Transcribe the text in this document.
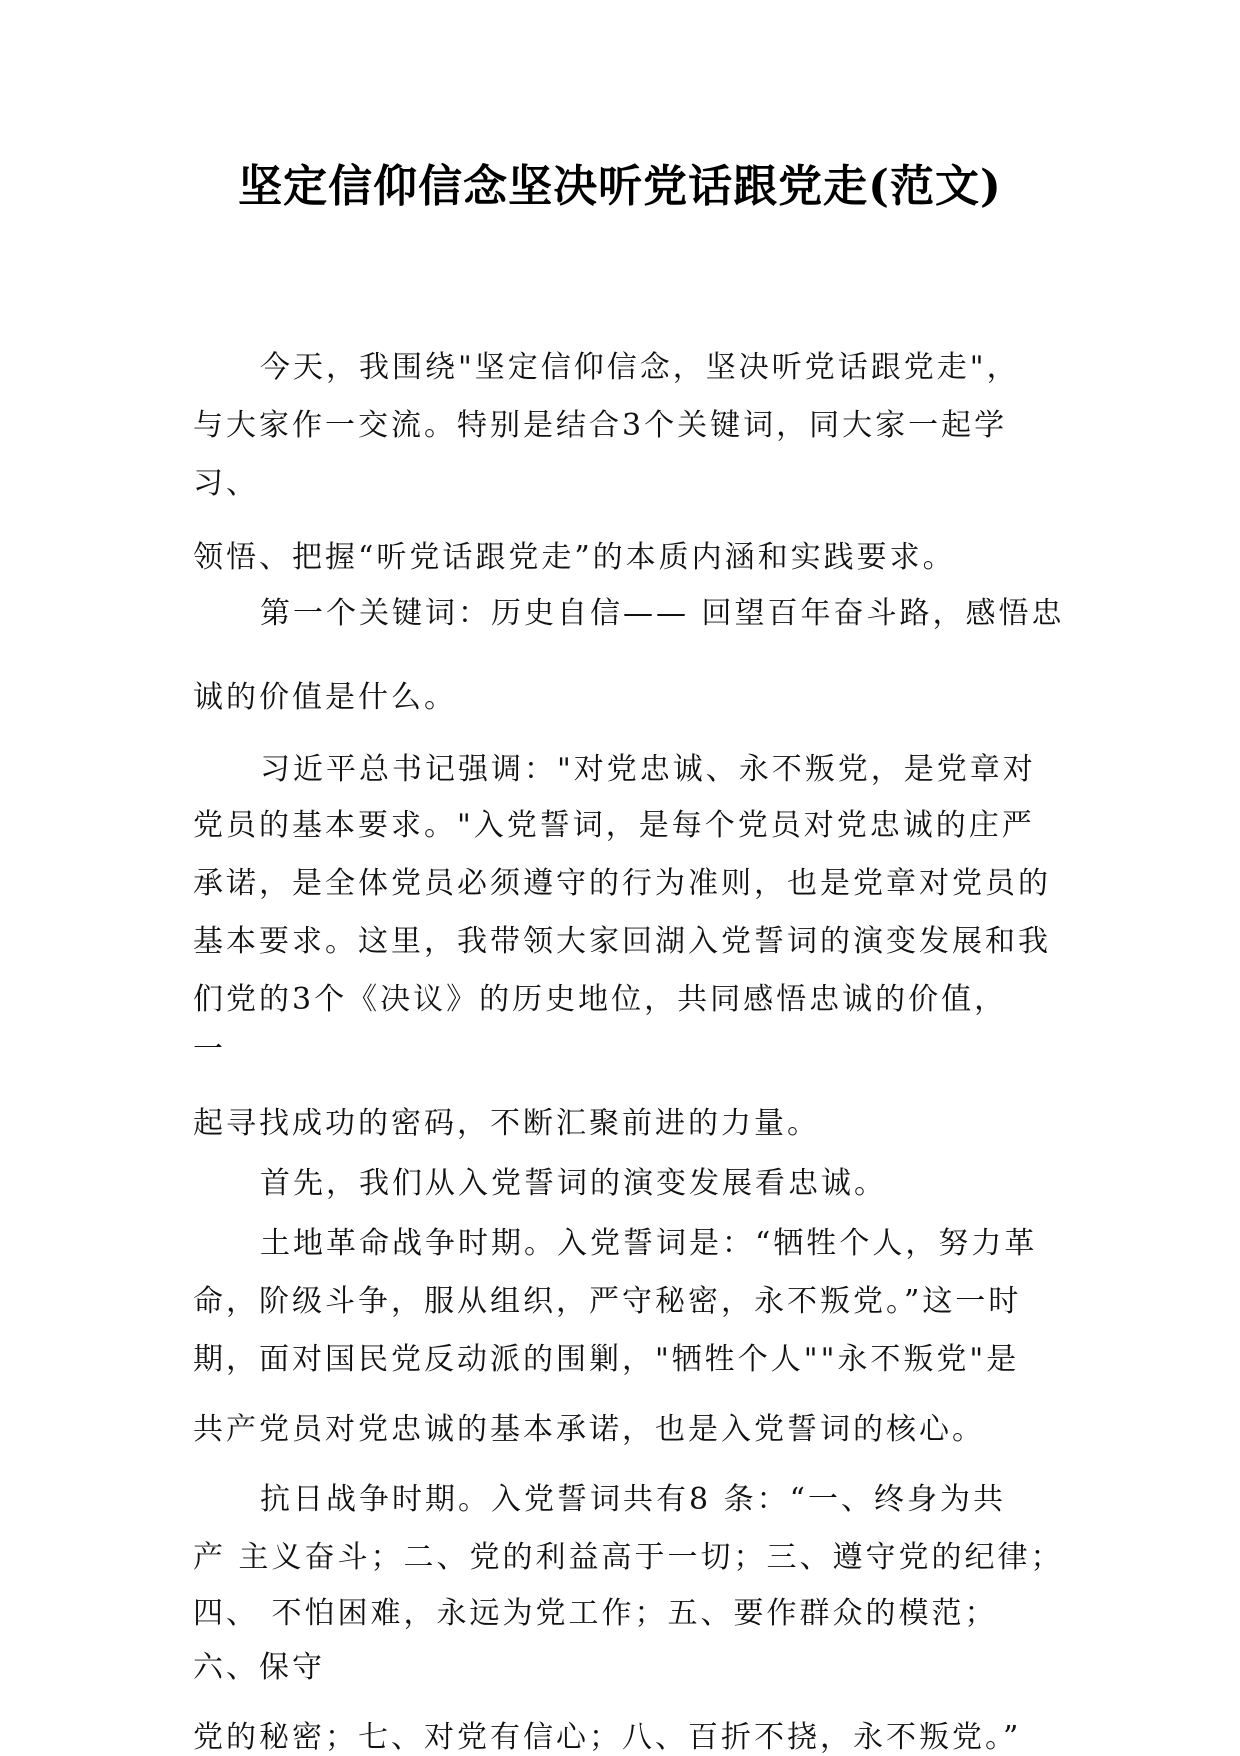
坚定信仰信念坚决听党话跟党走(范文)
今天，我围绕"坚定信仰信念，坚决听党话跟党走"，
与大家作一交流。特别是结合3个关键词，同大家一起学
习、
领悟、把握“听党话跟党走”的本质内涵和实践要求。
第一个关键词：历史自信—— 回望百年奋斗路，感悟忠
诚的价值是什么。
习近平总书记强调："对党忠诚、永不叛党，是党章对
党员的基本要求。"入党誓词，是每个党员对党忠诚的庄严
承诺，是全体党员必须遵守的行为准则，也是党章对党员的
基本要求。这里，我带领大家回湖入党誓词的演变发展和我
们党的3个《决议》的历史地位，共同感悟忠诚的价值，
一
起寻找成功的密码，不断汇聚前进的力量。
首先，我们从入党誓词的演变发展看忠诚。
土地革命战争时期。入党誓词是：“牺牲个人，努力革
命，阶级斗争，服从组织，严守秘密，永不叛党。”这一时
期，面对国民党反动派的围剿，"牺牲个人""永不叛党"是
共产党员对党忠诚的基本承诺，也是入党誓词的核心。
抗日战争时期。入党誓词共有8 条：“一、终身为共
产 主义奋斗；二、党的利益高于一切；三、遵守党的纪律；
四、 不怕困难，永远为党工作；五、要作群众的模范；
六、保守
党的秘密；七、对党有信心；八、百折不挠，永不叛党。”
